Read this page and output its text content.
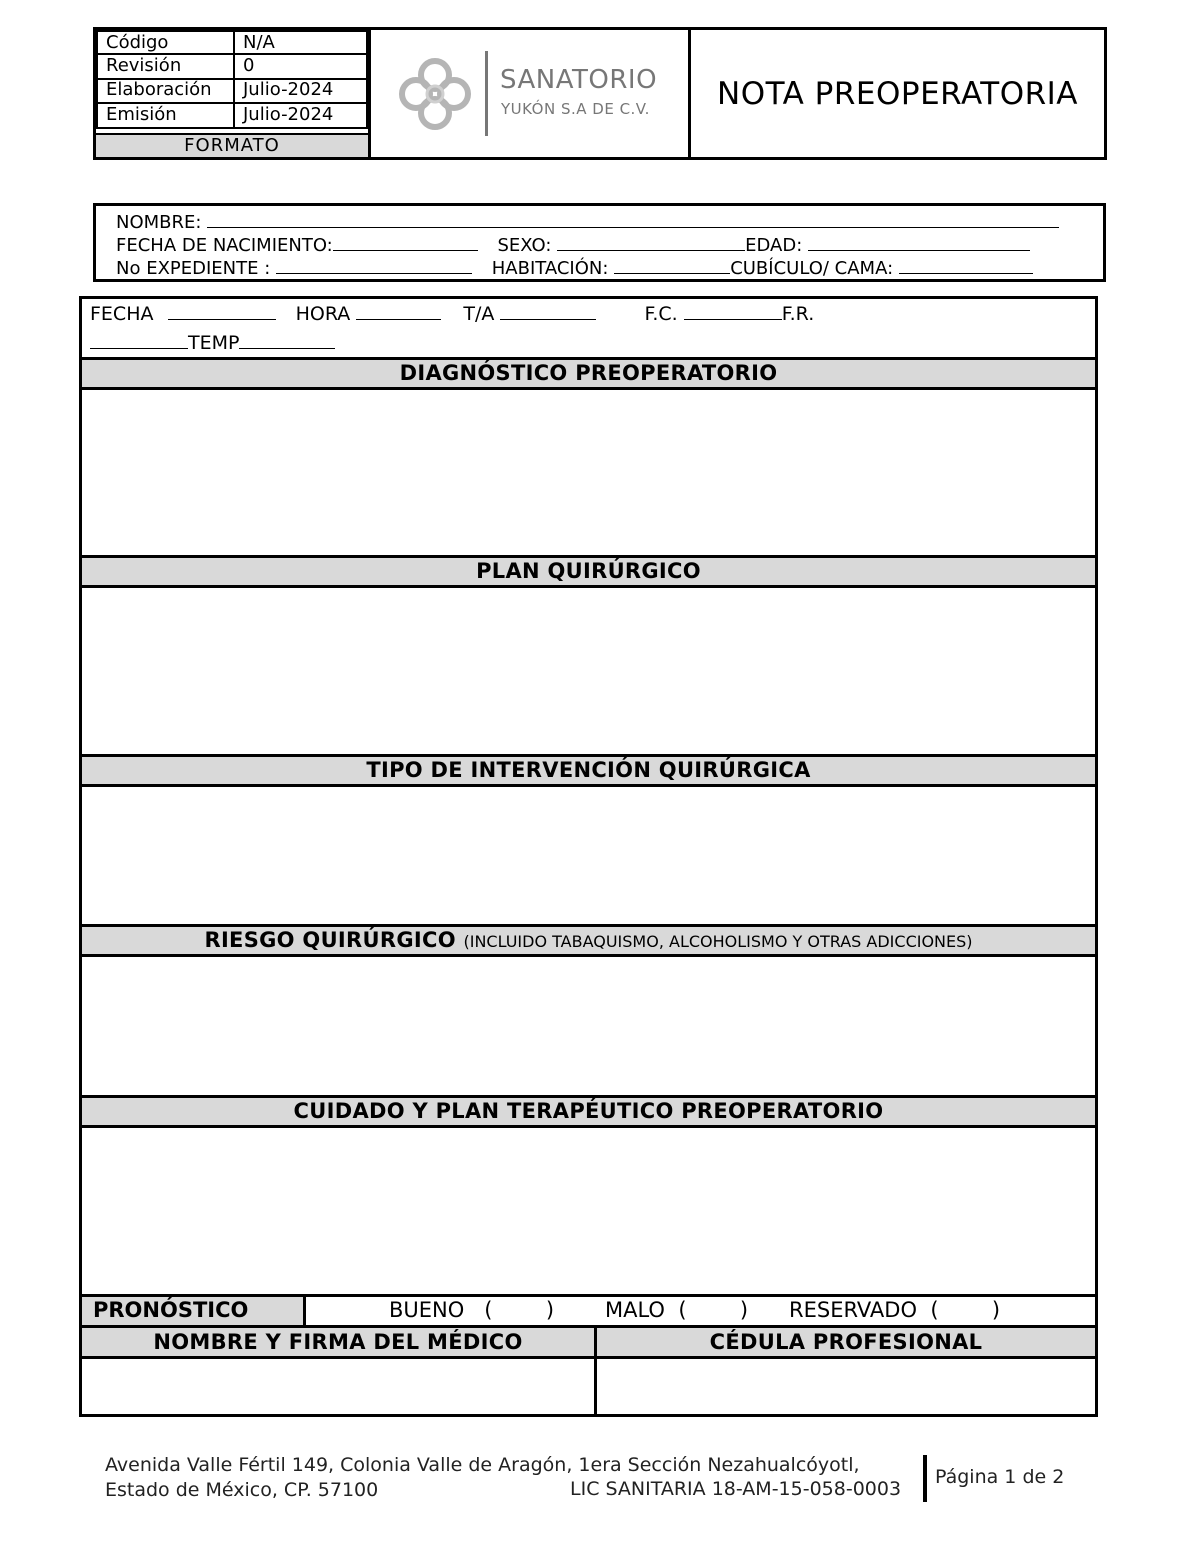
Código	N/A
Revisión	0
Elaboración	Julio-2024
Emisión	Julio-2024
FORMATO
SANATORIO
YUKÓN S.A DE C.V.	NOTA PREOPERATORIA
NOMBRE:
FECHA DE NACIMIENTO:	SEXO:	EDAD:
No EXPEDIENTE :	HABITACIÓN:	CUBÍCULO/ CAMA:
FECHA	HORA	T/A	F.C.	F.R.
TEMP
DIAGNÓSTICO PREOPERATORIO
PLAN QUIRÚRGICO
TIPO DE INTERVENCIÓN QUIRÚRGICA
RIESGO QUIRÚRGICO (INCLUIDO TABAQUISMO, ALCOHOLISMO Y OTRAS ADICCIONES)
CUIDADO Y PLAN TERAPÉUTICO PREOPERATORIO
PRONÓSTICO	BUENO   (        ) MALO  (        ) RESERVADO  (        )
NOMBRE Y FIRMA DEL MÉDICO	CÉDULA PROFESIONAL
Avenida Valle Fértil 149, Colonia Valle de Aragón, 1era Sección Nezahualcóyotl,
Estado de México, CP. 57100	LIC SANITARIA 18-AM-15-058-0003
Página 1 de 2
